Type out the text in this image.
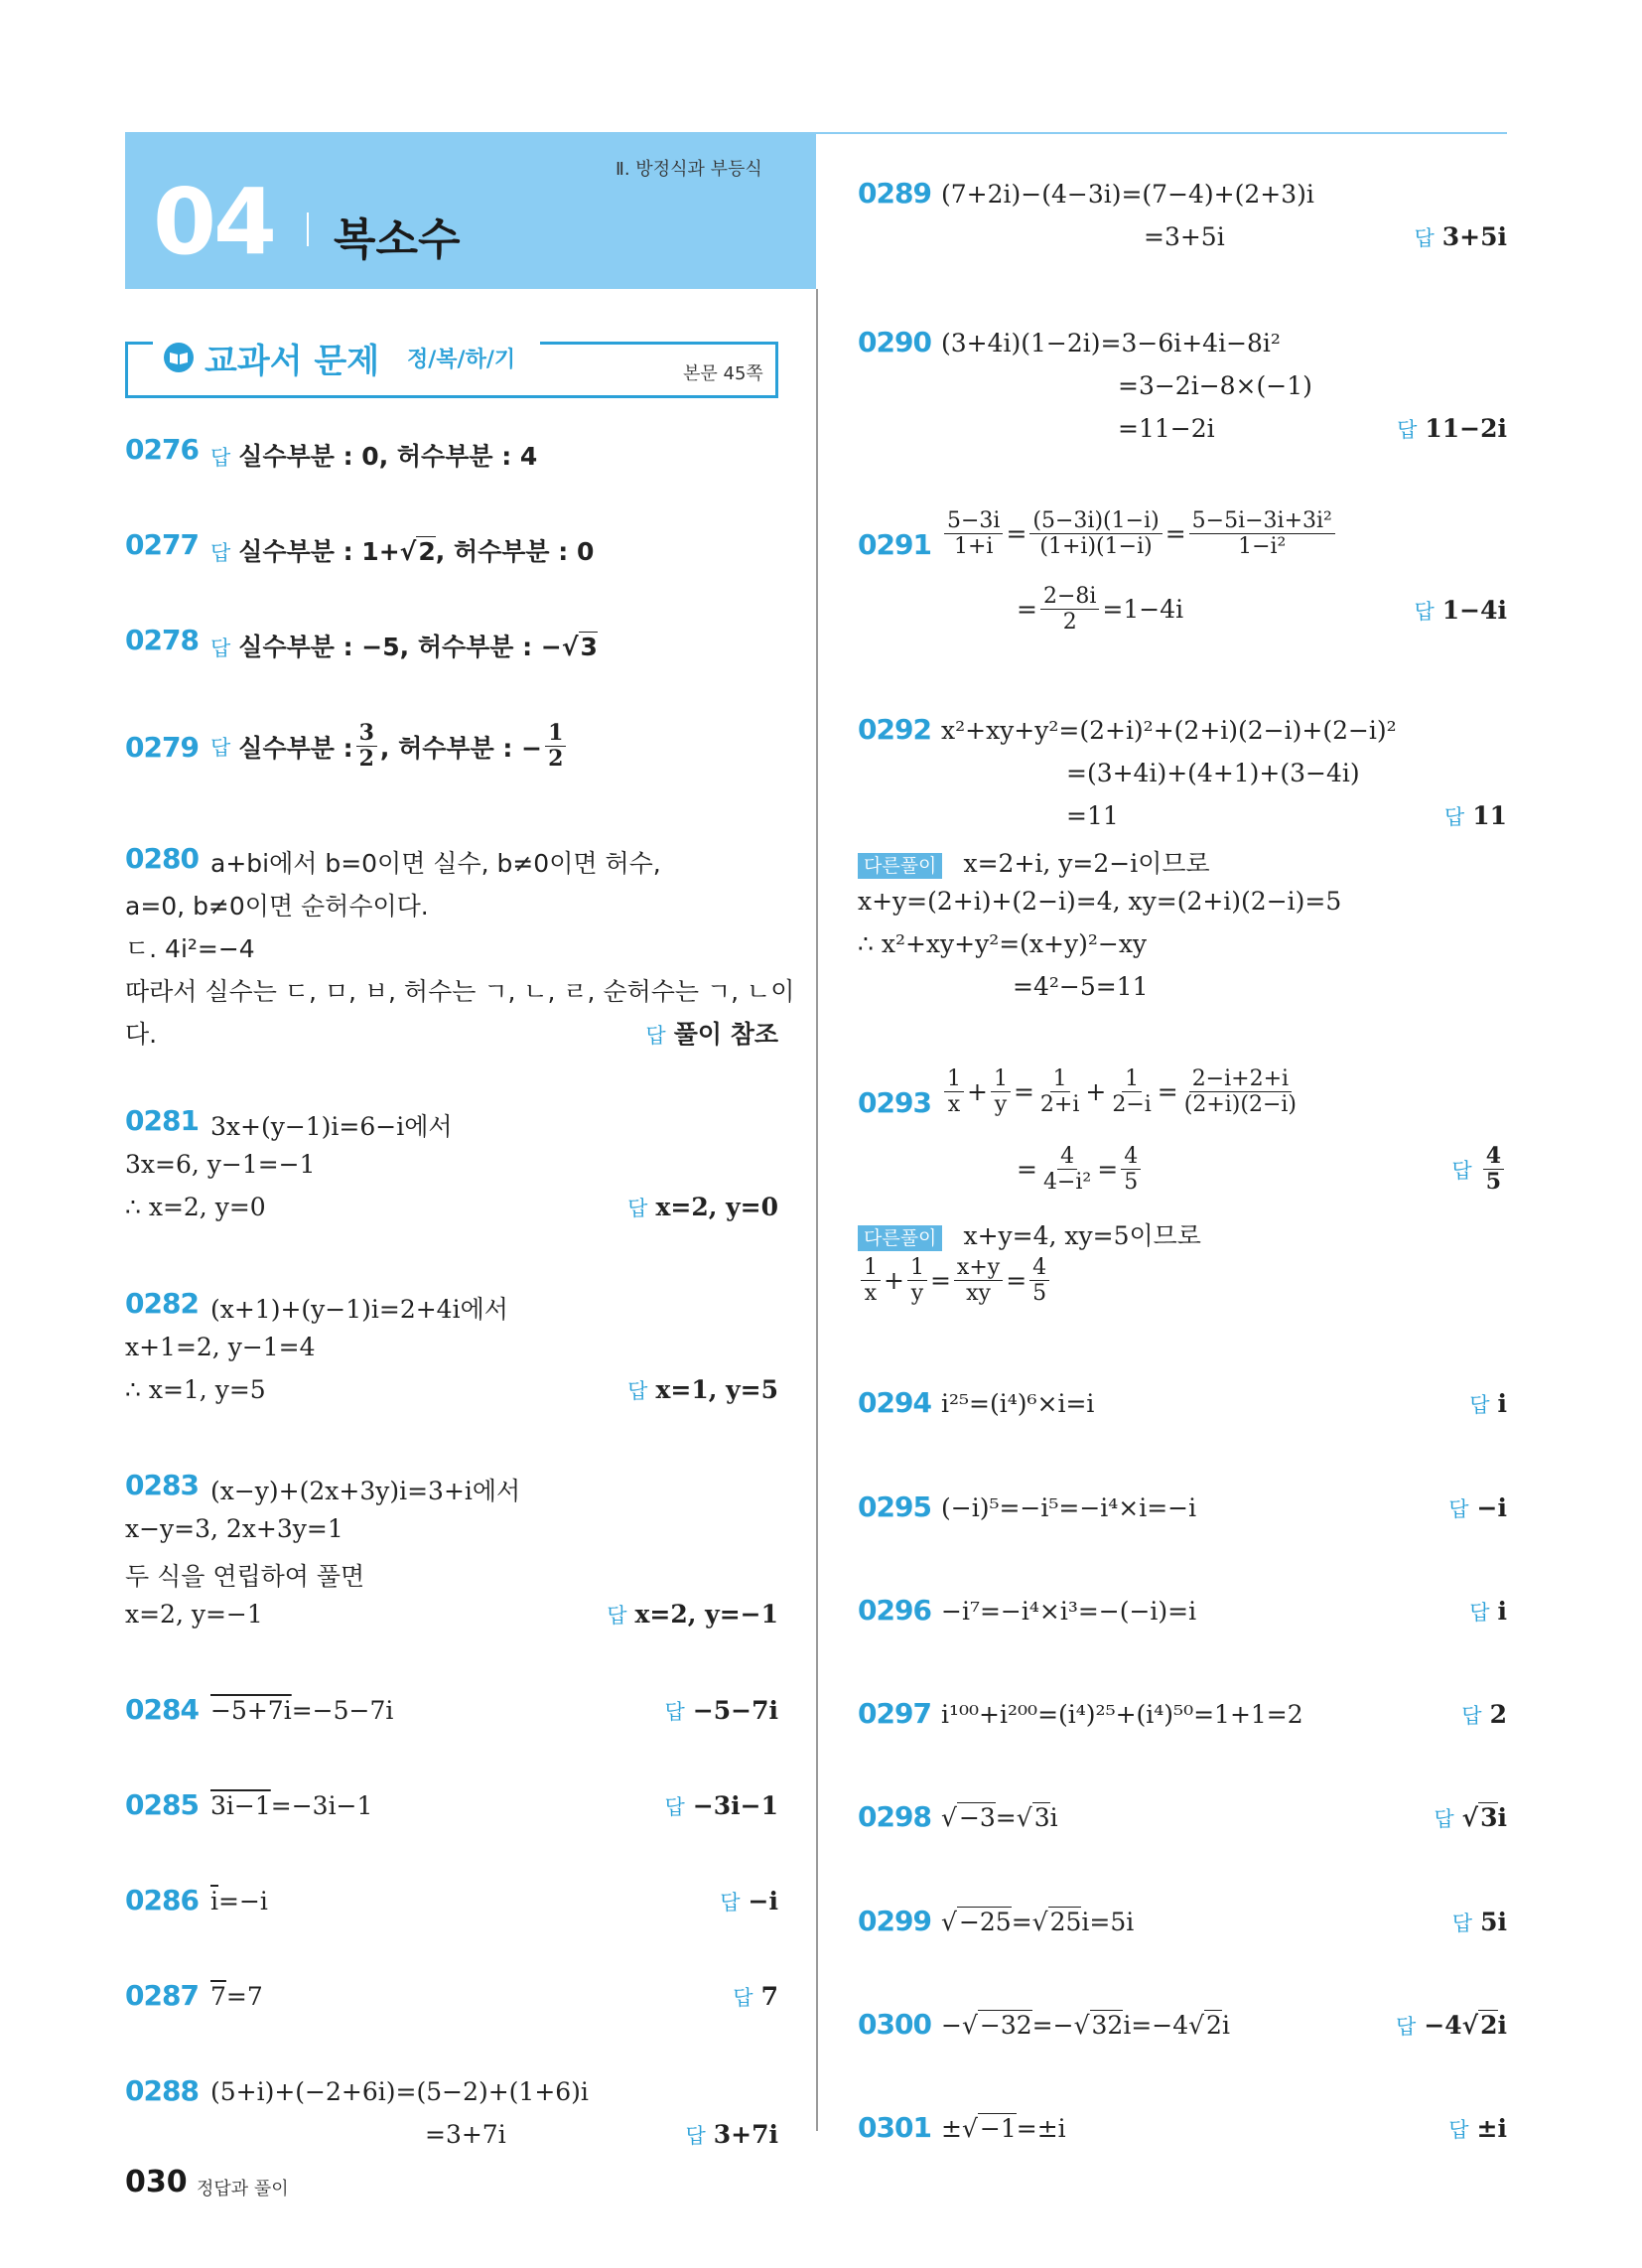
Ⅱ. 방정식과 부등식
04 복소수
교과서 문제 정/복/하/기
본문 45쪽
0276 답 실수부분 : 0, 허수부분 : 4
0277 답 실수부분 : 1+√2, 허수부분 : 0
0278 답 실수부분 : −5, 허수부분 : −√3
0279 답 실수부분 : $\frac{3}{2}$ , 허수부분 : − $\frac{1}{2}$
0280 a+bi에서 b=0이면 실수, b≠0이면 허수,
a=0, b≠0이면 순허수이다.
ㄷ. 4i²=−4
따라서 실수는 ㄷ, ㅁ, ㅂ, 허수는 ㄱ, ㄴ, ㄹ, 순허수는 ㄱ, ㄴ이
다.	답 풀이 참조
0281 3x+(y−1)i=6−i에서
3x=6, y−1=−1
∴ x=2, y=0	답 x=2, y=0
0282 (x+1)+(y−1)i=2+4i에서
x+1=2, y−1=4
∴ x=1, y=5	답 x=1, y=5
0283 (x−y)+(2x+3y)i=3+i에서
x−y=3, 2x+3y=1
두 식을 연립하여 풀면
x=2, y=−1	답 x=2, y=−1
0284 −5+7i=−5−7i	답 −5−7i
0285 3i−1=−3i−1	답 −3i−1
0286 $\overline{i}=-i$	답 −i
0287 7=7	답 7
0288 (5+i)+(−2+6i)=(5−2)+(1+6)i
=3+7i	답 3+7i
0289 (7+2i)−(4−3i)=(7−4)+(2+3)i
=3+5i	답 3+5i
0290 (3+4i)(1−2i)=3−6i+4i−8i²
=3−2i−8×(−1)
=11−2i	답 11−2i
$0291 \frac{5-3i}{1+i} = \frac{(5-3i)(1-i)}{(1+i)(1-i)} = \frac{\text{5−5i−3i+3i²}}{\text{1−i²}}$
= $\frac{2-8i}{2} =1-4i$	답 1−4i
0292 x²+xy+y²=(2+i)²+(2+i)(2−i)+(2−i)²
=(3+4i)+(4+1)+(3−4i)
=11	답 11
다른풀이 x=2+i, y=2−i이므로
x+y=(2+i)+(2−i)=4, xy=(2+i)(2−i)=5
∴ x²+xy+y²=(x+y)²−xy
=4²−5=11
$0293 \frac{1}{x} + \frac{1}{y} = \frac{1}{2+i} + \frac{1}{2-i} = \frac{2-i+2+i}{(2+i)(2-i)}$
= $\frac{4}{\text{4−i²}} = \frac{4}{5}$	답 $\frac{4}{5}$
다른풀이 x+y=4, xy=5이므로
$\frac{1}{x} + \frac{1}{y} = \frac{x+y}{xy} = \frac{4}{5}$
0294 i²⁵=(i⁴)⁶×i=i	답 i
0295 (−i)⁵=−i⁵=−i⁴×i=−i	답 −i
0296 −i⁷=−i⁴×i³=−(−i)=i	답 i
0297 i¹⁰⁰+i²⁰⁰=(i⁴)²⁵+(i⁴)⁵⁰=1+1=2	답 2
0298 √−3=√3i	답 √3i
0299 √−25=√25i=5i	답 5i
0300 −√−32=−√32i=−4√2i	답 −4√2i
0301 ±√−1=±i	답 ±i
030 정답과 풀이
